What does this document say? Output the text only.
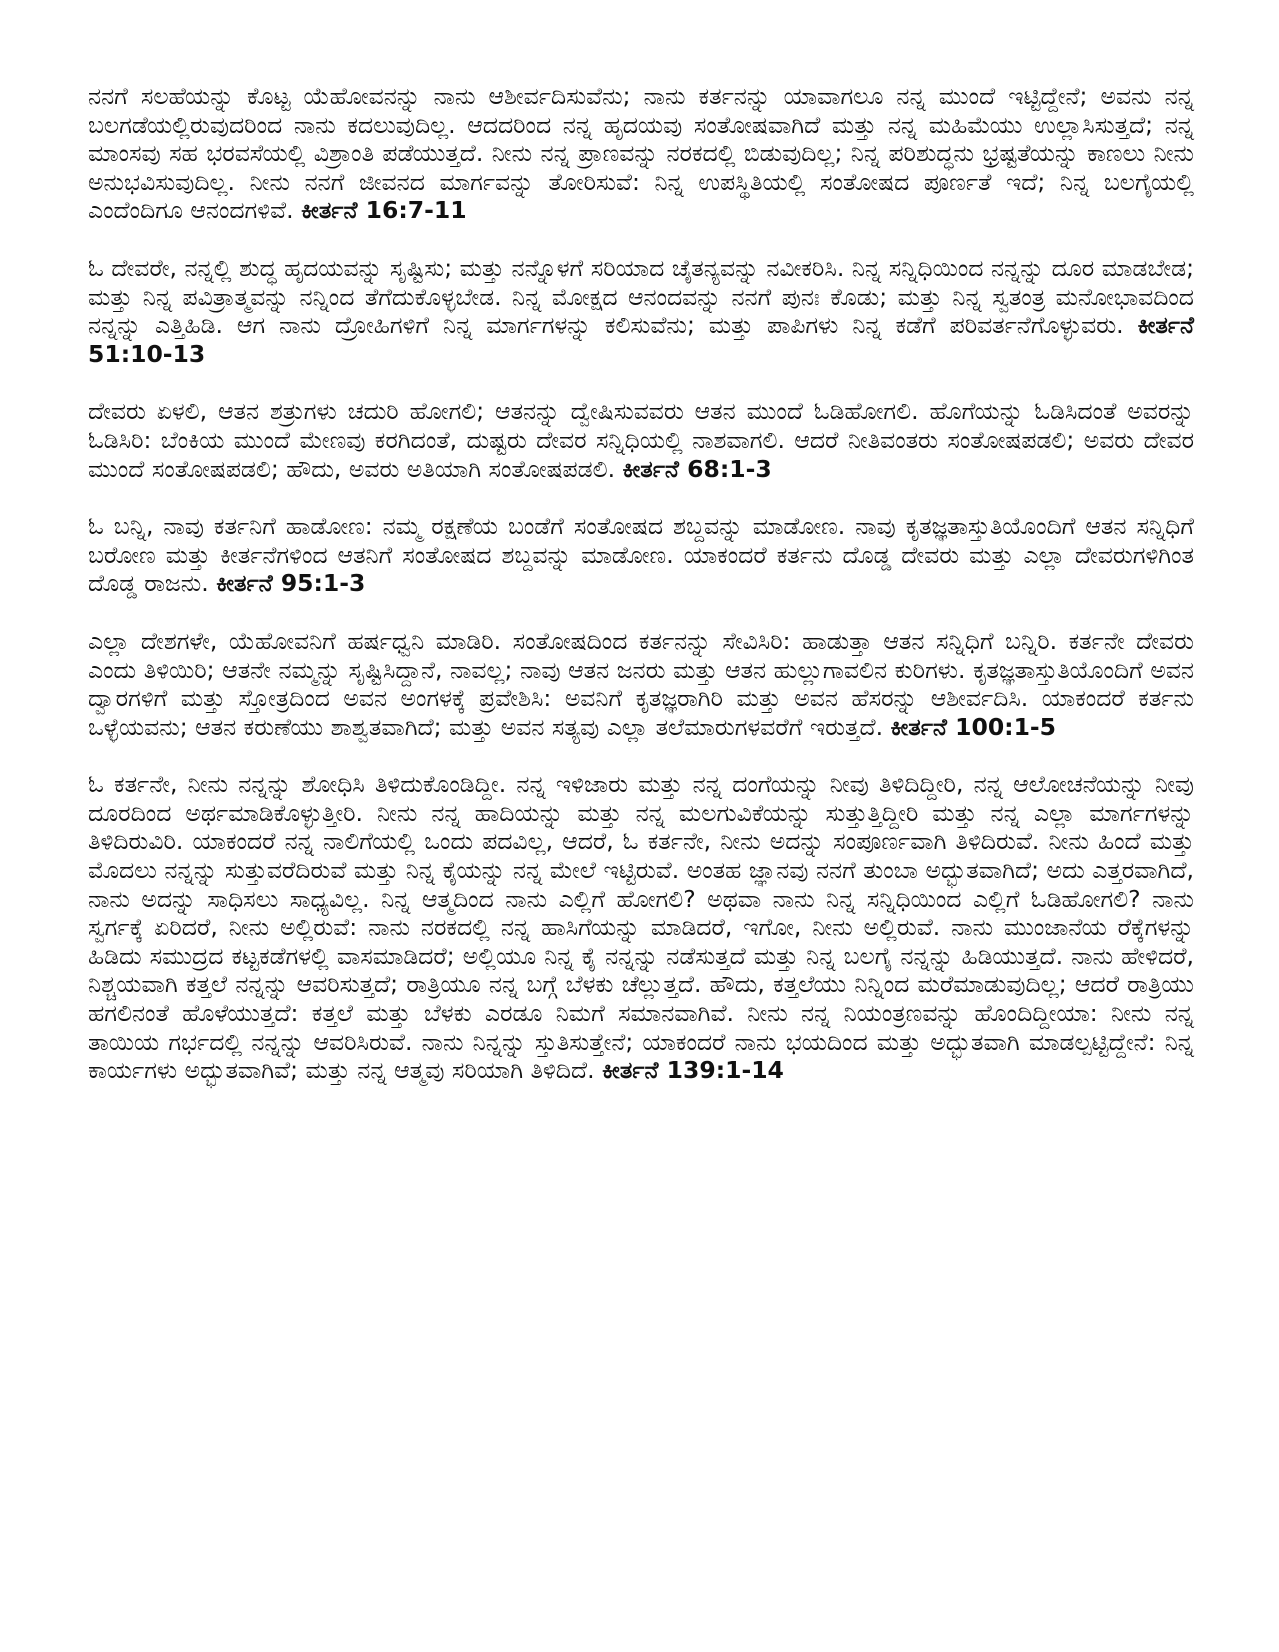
ನನಗೆ ಸಲಹೆಯನ್ನು ಕೊಟ್ಟ ಯೆಹೋವನನ್ನು ನಾನು ಆಶೀರ್ವದಿಸುವೆನು; ನಾನು ಕರ್ತನನ್ನು ಯಾವಾಗಲೂ ನನ್ನ ಮುಂದೆ ಇಟ್ಟಿದ್ದೇನೆ; ಅವನು ನನ್ನ ಬಲಗಡೆಯಲ್ಲಿರುವುದರಿಂದ ನಾನು ಕದಲುವುದಿಲ್ಲ. ಆದದರಿಂದ ನನ್ನ ಹೃದಯವು ಸಂತೋಷವಾಗಿದೆ ಮತ್ತು ನನ್ನ ಮಹಿಮೆಯು ಉಲ್ಲಾಸಿಸುತ್ತದೆ; ನನ್ನ ಮಾಂಸವು ಸಹ ಭರವಸೆಯಲ್ಲಿ ವಿಶ್ರಾಂತಿ ಪಡೆಯುತ್ತದೆ. ನೀನು ನನ್ನ ಪ್ರಾಣವನ್ನು ನರಕದಲ್ಲಿ ಬಿಡುವುದಿಲ್ಲ; ನಿನ್ನ ಪರಿಶುದ್ಧನು ಭ್ರಷ್ಟತೆಯನ್ನು ಕಾಣಲು ನೀನು ಅನುಭವಿಸುವುದಿಲ್ಲ. ನೀನು ನನಗೆ ಜೀವನದ ಮಾರ್ಗವನ್ನು ತೋರಿಸುವೆ: ನಿನ್ನ ಉಪಸ್ಥಿತಿಯಲ್ಲಿ ಸಂತೋಷದ ಪೂರ್ಣತೆ ಇದೆ; ನಿನ್ನ ಬಲಗೈಯಲ್ಲಿ ಎಂದೆಂದಿಗೂ ಆನಂದಗಳಿವೆ. ಕೀರ್ತನೆ 16:7-11

ಓ ದೇವರೇ, ನನ್ನಲ್ಲಿ ಶುದ್ಧ ಹೃದಯವನ್ನು ಸೃಷ್ಟಿಸು; ಮತ್ತು ನನ್ನೊಳಗೆ ಸರಿಯಾದ ಚೈತನ್ಯವನ್ನು ನವೀಕರಿಸಿ. ನಿನ್ನ ಸನ್ನಿಧಿಯಿಂದ ನನ್ನನ್ನು ದೂರ ಮಾಡಬೇಡ; ಮತ್ತು ನಿನ್ನ ಪವಿತ್ರಾತ್ಮವನ್ನು ನನ್ನಿಂದ ತೆಗೆದುಕೊಳ್ಳಬೇಡ. ನಿನ್ನ ಮೋಕ್ಷದ ಆನಂದವನ್ನು ನನಗೆ ಪುನಃ ಕೊಡು; ಮತ್ತು ನಿನ್ನ ಸ್ವತಂತ್ರ ಮನೋಭಾವದಿಂದ ನನ್ನನ್ನು ಎತ್ತಿಹಿಡಿ. ಆಗ ನಾನು ದ್ರೋಹಿಗಳಿಗೆ ನಿನ್ನ ಮಾರ್ಗಗಳನ್ನು ಕಲಿಸುವೆನು; ಮತ್ತು ಪಾಪಿಗಳು ನಿನ್ನ ಕಡೆಗೆ ಪರಿವರ್ತನೆಗೊಳ್ಳುವರು. ಕೀರ್ತನೆ 51:10-13

ದೇವರು ಏಳಲಿ, ಆತನ ಶತ್ರುಗಳು ಚದುರಿ ಹೋಗಲಿ; ಆತನನ್ನು ದ್ವೇಷಿಸುವವರು ಆತನ ಮುಂದೆ ಓಡಿಹೋಗಲಿ. ಹೊಗೆಯನ್ನು ಓಡಿಸಿದಂತೆ ಅವರನ್ನು ಓಡಿಸಿರಿ: ಬೆಂಕಿಯ ಮುಂದೆ ಮೇಣವು ಕರಗಿದಂತೆ, ದುಷ್ಟರು ದೇವರ ಸನ್ನಿಧಿಯಲ್ಲಿ ನಾಶವಾಗಲಿ. ಆದರೆ ನೀತಿವಂತರು ಸಂತೋಷಪಡಲಿ; ಅವರು ದೇವರ ಮುಂದೆ ಸಂತೋಷಪಡಲಿ; ಹೌದು, ಅವರು ಅತಿಯಾಗಿ ಸಂತೋಷಪಡಲಿ. ಕೀರ್ತನೆ 68:1-3

ಓ ಬನ್ನಿ, ನಾವು ಕರ್ತನಿಗೆ ಹಾಡೋಣ: ನಮ್ಮ ರಕ್ಷಣೆಯ ಬಂಡೆಗೆ ಸಂತೋಷದ ಶಬ್ದವನ್ನು ಮಾಡೋಣ. ನಾವು ಕೃತಜ್ಞತಾಸ್ತುತಿಯೊಂದಿಗೆ ಆತನ ಸನ್ನಿಧಿಗೆ ಬರೋಣ ಮತ್ತು ಕೀರ್ತನೆಗಳಿಂದ ಆತನಿಗೆ ಸಂತೋಷದ ಶಬ್ದವನ್ನು ಮಾಡೋಣ. ಯಾಕಂದರೆ ಕರ್ತನು ದೊಡ್ಡ ದೇವರು ಮತ್ತು ಎಲ್ಲಾ ದೇವರುಗಳಿಗಿಂತ ದೊಡ್ಡ ರಾಜನು. ಕೀರ್ತನೆ 95:1-3

ಎಲ್ಲಾ ದೇಶಗಳೇ, ಯೆಹೋವನಿಗೆ ಹರ್ಷಧ್ವನಿ ಮಾಡಿರಿ. ಸಂತೋಷದಿಂದ ಕರ್ತನನ್ನು ಸೇವಿಸಿರಿ: ಹಾಡುತ್ತಾ ಆತನ ಸನ್ನಿಧಿಗೆ ಬನ್ನಿರಿ. ಕರ್ತನೇ ದೇವರು ಎಂದು ತಿಳಿಯಿರಿ; ಆತನೇ ನಮ್ಮನ್ನು ಸೃಷ್ಟಿಸಿದ್ದಾನೆ, ನಾವಲ್ಲ; ನಾವು ಆತನ ಜನರು ಮತ್ತು ಆತನ ಹುಲ್ಲುಗಾವಲಿನ ಕುರಿಗಳು. ಕೃತಜ್ಞತಾಸ್ತುತಿಯೊಂದಿಗೆ ಅವನ ದ್ವಾರಗಳಿಗೆ ಮತ್ತು ಸ್ತೋತ್ರದಿಂದ ಅವನ ಅಂಗಳಕ್ಕೆ ಪ್ರವೇಶಿಸಿ: ಅವನಿಗೆ ಕೃತಜ್ಞರಾಗಿರಿ ಮತ್ತು ಅವನ ಹೆಸರನ್ನು ಆಶೀರ್ವದಿಸಿ. ಯಾಕಂದರೆ ಕರ್ತನು ಒಳ್ಳೆಯವನು; ಆತನ ಕರುಣೆಯು ಶಾಶ್ವತವಾಗಿದೆ; ಮತ್ತು ಅವನ ಸತ್ಯವು ಎಲ್ಲಾ ತಲೆಮಾರುಗಳವರೆಗೆ ಇರುತ್ತದೆ. ಕೀರ್ತನೆ 100:1-5

ಓ ಕರ್ತನೇ, ನೀನು ನನ್ನನ್ನು ಶೋಧಿಸಿ ತಿಳಿದುಕೊಂಡಿದ್ದೀ. ನನ್ನ ಇಳಿಜಾರು ಮತ್ತು ನನ್ನ ದಂಗೆಯನ್ನು ನೀವು ತಿಳಿದಿದ್ದೀರಿ, ನನ್ನ ಆಲೋಚನೆಯನ್ನು ನೀವು ದೂರದಿಂದ ಅರ್ಥಮಾಡಿಕೊಳ್ಳುತ್ತೀರಿ. ನೀನು ನನ್ನ ಹಾದಿಯನ್ನು ಮತ್ತು ನನ್ನ ಮಲಗುವಿಕೆಯನ್ನು ಸುತ್ತುತ್ತಿದ್ದೀರಿ ಮತ್ತು ನನ್ನ ಎಲ್ಲಾ ಮಾರ್ಗಗಳನ್ನು ತಿಳಿದಿರುವಿರಿ. ಯಾಕಂದರೆ ನನ್ನ ನಾಲಿಗೆಯಲ್ಲಿ ಒಂದು ಪದವಿಲ್ಲ, ಆದರೆ, ಓ ಕರ್ತನೇ, ನೀನು ಅದನ್ನು ಸಂಪೂರ್ಣವಾಗಿ ತಿಳಿದಿರುವೆ. ನೀನು ಹಿಂದೆ ಮತ್ತು ಮೊದಲು ನನ್ನನ್ನು ಸುತ್ತುವರೆದಿರುವೆ ಮತ್ತು ನಿನ್ನ ಕೈಯನ್ನು ನನ್ನ ಮೇಲೆ ಇಟ್ಟಿರುವೆ. ಅಂತಹ ಜ್ಞಾನವು ನನಗೆ ತುಂಬಾ ಅದ್ಭುತವಾಗಿದೆ; ಅದು ಎತ್ತರವಾಗಿದೆ, ನಾನು ಅದನ್ನು ಸಾಧಿಸಲು ಸಾಧ್ಯವಿಲ್ಲ. ನಿನ್ನ ಆತ್ಮದಿಂದ ನಾನು ಎಲ್ಲಿಗೆ ಹೋಗಲಿ? ಅಥವಾ ನಾನು ನಿನ್ನ ಸನ್ನಿಧಿಯಿಂದ ಎಲ್ಲಿಗೆ ಓಡಿಹೋಗಲಿ? ನಾನು ಸ್ವರ್ಗಕ್ಕೆ ಏರಿದರೆ, ನೀನು ಅಲ್ಲಿರುವೆ: ನಾನು ನರಕದಲ್ಲಿ ನನ್ನ ಹಾಸಿಗೆಯನ್ನು ಮಾಡಿದರೆ, ಇಗೋ, ನೀನು ಅಲ್ಲಿರುವೆ. ನಾನು ಮುಂಜಾನೆಯ ರೆಕ್ಕೆಗಳನ್ನು ಹಿಡಿದು ಸಮುದ್ರದ ಕಟ್ಟಕಡೆಗಳಲ್ಲಿ ವಾಸಮಾಡಿದರೆ; ಅಲ್ಲಿಯೂ ನಿನ್ನ ಕೈ ನನ್ನನ್ನು ನಡೆಸುತ್ತದೆ ಮತ್ತು ನಿನ್ನ ಬಲಗೈ ನನ್ನನ್ನು ಹಿಡಿಯುತ್ತದೆ. ನಾನು ಹೇಳಿದರೆ, ನಿಶ್ಚಯವಾಗಿ ಕತ್ತಲೆ ನನ್ನನ್ನು ಆವರಿಸುತ್ತದೆ; ರಾತ್ರಿಯೂ ನನ್ನ ಬಗ್ಗೆ ಬೆಳಕು ಚೆಲ್ಲುತ್ತದೆ. ಹೌದು, ಕತ್ತಲೆಯು ನಿನ್ನಿಂದ ಮರೆಮಾಡುವುದಿಲ್ಲ; ಆದರೆ ರಾತ್ರಿಯು ಹಗಲಿನಂತೆ ಹೊಳೆಯುತ್ತದೆ: ಕತ್ತಲೆ ಮತ್ತು ಬೆಳಕು ಎರಡೂ ನಿಮಗೆ ಸಮಾನವಾಗಿವೆ. ನೀನು ನನ್ನ ನಿಯಂತ್ರಣವನ್ನು ಹೊಂದಿದ್ದೀಯಾ: ನೀನು ನನ್ನ ತಾಯಿಯ ಗರ್ಭದಲ್ಲಿ ನನ್ನನ್ನು ಆವರಿಸಿರುವೆ. ನಾನು ನಿನ್ನನ್ನು ಸ್ತುತಿಸುತ್ತೇನೆ; ಯಾಕಂದರೆ ನಾನು ಭಯದಿಂದ ಮತ್ತು ಅದ್ಭುತವಾಗಿ ಮಾಡಲ್ಪಟ್ಟಿದ್ದೇನೆ: ನಿನ್ನ ಕಾರ್ಯಗಳು ಅದ್ಭುತವಾಗಿವೆ; ಮತ್ತು ನನ್ನ ಆತ್ಮವು ಸರಿಯಾಗಿ ತಿಳಿದಿದೆ. ಕೀರ್ತನೆ 139:1-14
